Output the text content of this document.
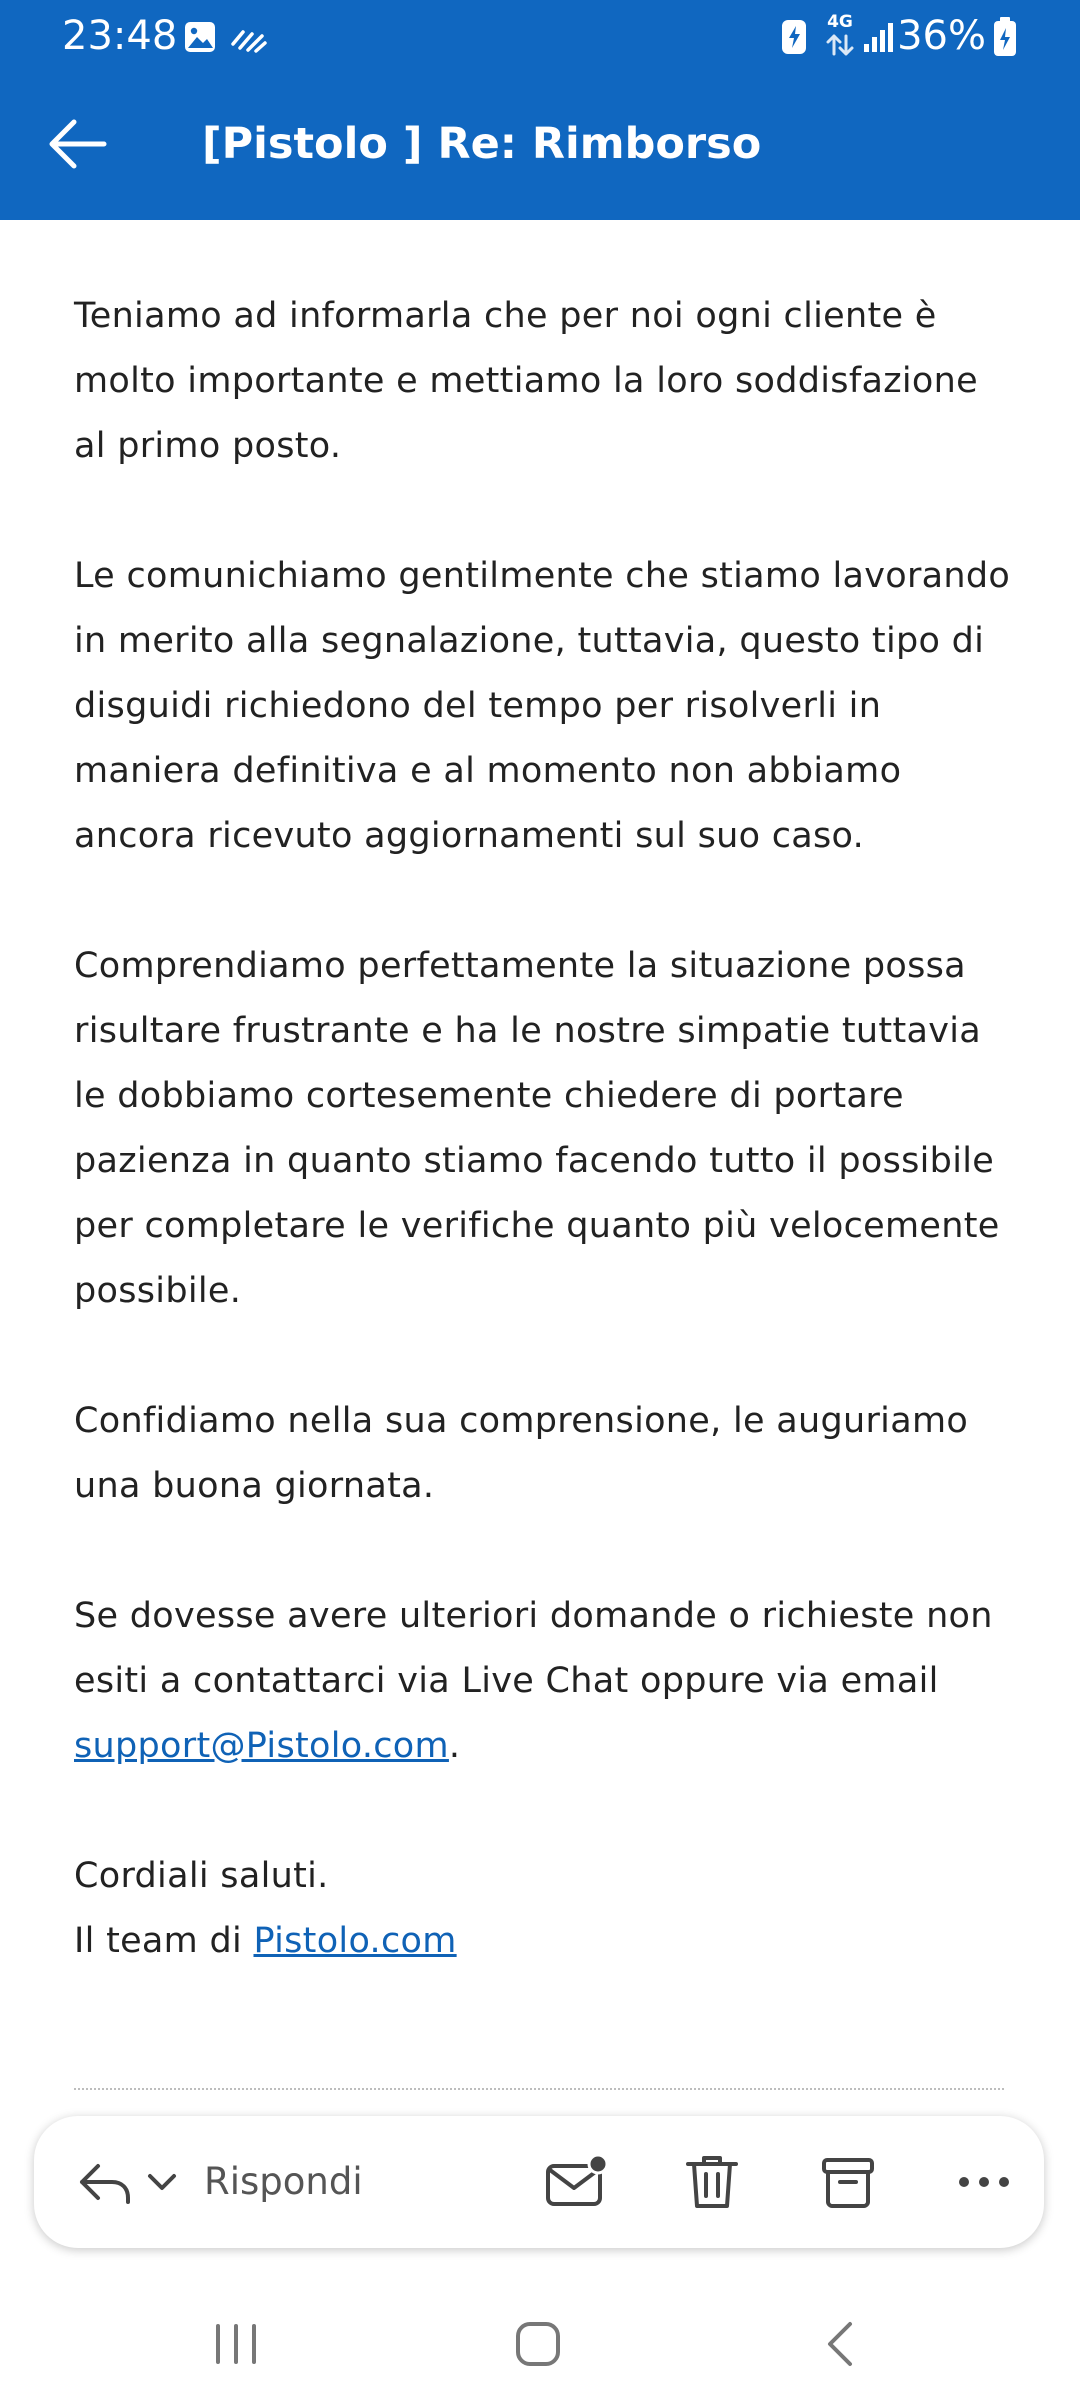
23:48	4G 36%
[Pistolo ] Re: Rimborso

Teniamo ad informarla che per noi ogni cliente è molto importante e mettiamo la loro soddisfazione al primo posto.

Le comunichiamo gentilmente che stiamo lavorando in merito alla segnalazione, tuttavia, questo tipo di disguidi richiedono del tempo per risolverli in maniera definitiva e al momento non abbiamo ancora ricevuto aggiornamenti sul suo caso.

Comprendiamo perfettamente la situazione possa risultare frustrante e ha le nostre simpatie tuttavia le dobbiamo cortesemente chiedere di portare pazienza in quanto stiamo facendo tutto il possibile per completare le verifiche quanto più velocemente possibile.

Confidiamo nella sua comprensione, le auguriamo una buona giornata.

Se dovesse avere ulteriori domande o richieste non esiti a contattarci via Live Chat oppure via email
support@Pistolo.com.

Cordiali saluti.
Il team di Pistolo.com

Rispondi
